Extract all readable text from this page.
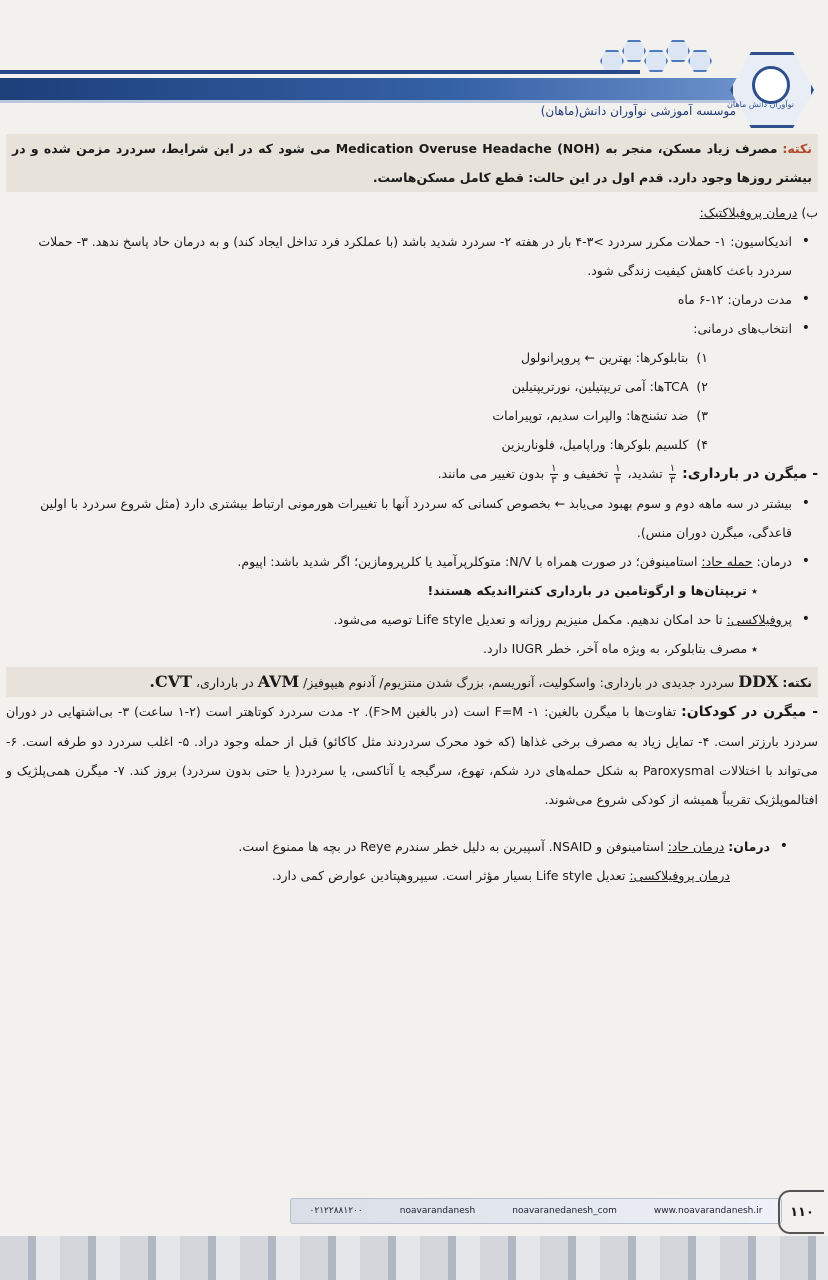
موسسه آموزشی نوآوران دانش(ماهان)
نوآوران دانش ماهان

نکته: مصرف زیاد مسکن، منجر به (NOH) Medication Overuse Headache می شود که در این شرایط، سردرد مزمن شده و در بیشتر روزها وجود دارد. قدم اول در این حالت: قطع کامل مسکن‌هاست.

ب) درمان پروفیلاکتیک:

• اندیکاسیون: ۱- حملات مکرر سردرد >۳-۴ بار در هفته ۲- سردرد شدید باشد (با عملکرد فرد تداخل ایجاد کند) و به درمان حاد پاسخ ندهد. ۳- حملات سردرد باعث کاهش کیفیت زندگی شود.
• مدت درمان: ۱۲-۶ ماه
• انتخاب‌های درمانی:
۱)
بتابلوکرها: بهترین ← پروپرانولول
۲)
TCAها: آمی تریپتیلین، نورتریپتیلین
۳)
ضد تشنج‌ها: والپرات سدیم، توپیرامات
۴)
کلسیم بلوکرها: وراپامیل، فلوناریزین

- میگرن در بارداری:
$\frac{۱}{۳}$
تشدید،
$\frac{۱}{۳}$
تخفیف و
$\frac{۱}{۳}$
بدون تغییر می مانند.

• بیشتر در سه ماهه دوم و سوم بهبود می‌یابد ← بخصوص کسانی که سردرد آنها با تغییرات هورمونی ارتباط بیشتری دارد (مثل شروع سردرد با اولین قاعدگی، میگرن دوران منس).
• درمان: حمله حاد: استامینوفن؛ در صورت همراه با N/V: متوکلرپرآمید یا کلرپرومازین؛ اگر شدید باشد: اپیوم.

٭ تریپتان‌ها و ارگوتامین در بارداری کنترااندیکه هستند!

• پروفیلاکسی: تا حد امکان ندهیم. مکمل منیزیم روزانه و تعدیل Life style توصیه می‌شود.

٭ مصرف بتابلوکر، به ویژه ماه آخر، خطر IUGR دارد.

نکته: DDX سردرد جدیدی در بارداری: واسکولیت، آنوریسم، بزرگ شدن منتزیوم/ آدنوم هیپوفیز/ AVM در بارداری، CVT.

- میگرن در کودکان: تفاوت‌ها با میگرن بالغین: ۱- F=M است (در بالغین F>M). ۲- مدت سردرد کوتاهتر است (۲-۱ ساعت) ۳- بی‌اشتهایی در دوران سردرد بارزتر است. ۴- تمایل زیاد به مصرف برخی غذاها (که خود محرک سردردند مثل کاکائو) قبل از حمله وجود دراد. ۵- اغلب سردرد دو طرفه است. ۶- می‌تواند با اختلالات Paroxysmal به شکل حمله‌های درد شکم، تهوع، سرگیجه یا آتاکسی، یا سردرد( یا حتی بدون سردرد) بروز کند. ۷- میگرن همی‌پلژیک و افتالموپلژیک تقریباً همیشه از کودکی شروع می‌شوند.

• درمان: درمان حاد: استامینوفن و NSAID. آسپیرین به دلیل خطر سندرم Reye در بچه ها ممنوع است.

درمان پروفیلاکسی: تعدیل Life style بسیار مؤثر است. سیپروهپتادین عوارض کمی دارد.

۰۲۱۲۲۸۸۱۲۰۰	noavarandanesh	noavaranedanesh_com	www.noavarandanesh.ir	۱۱۰
